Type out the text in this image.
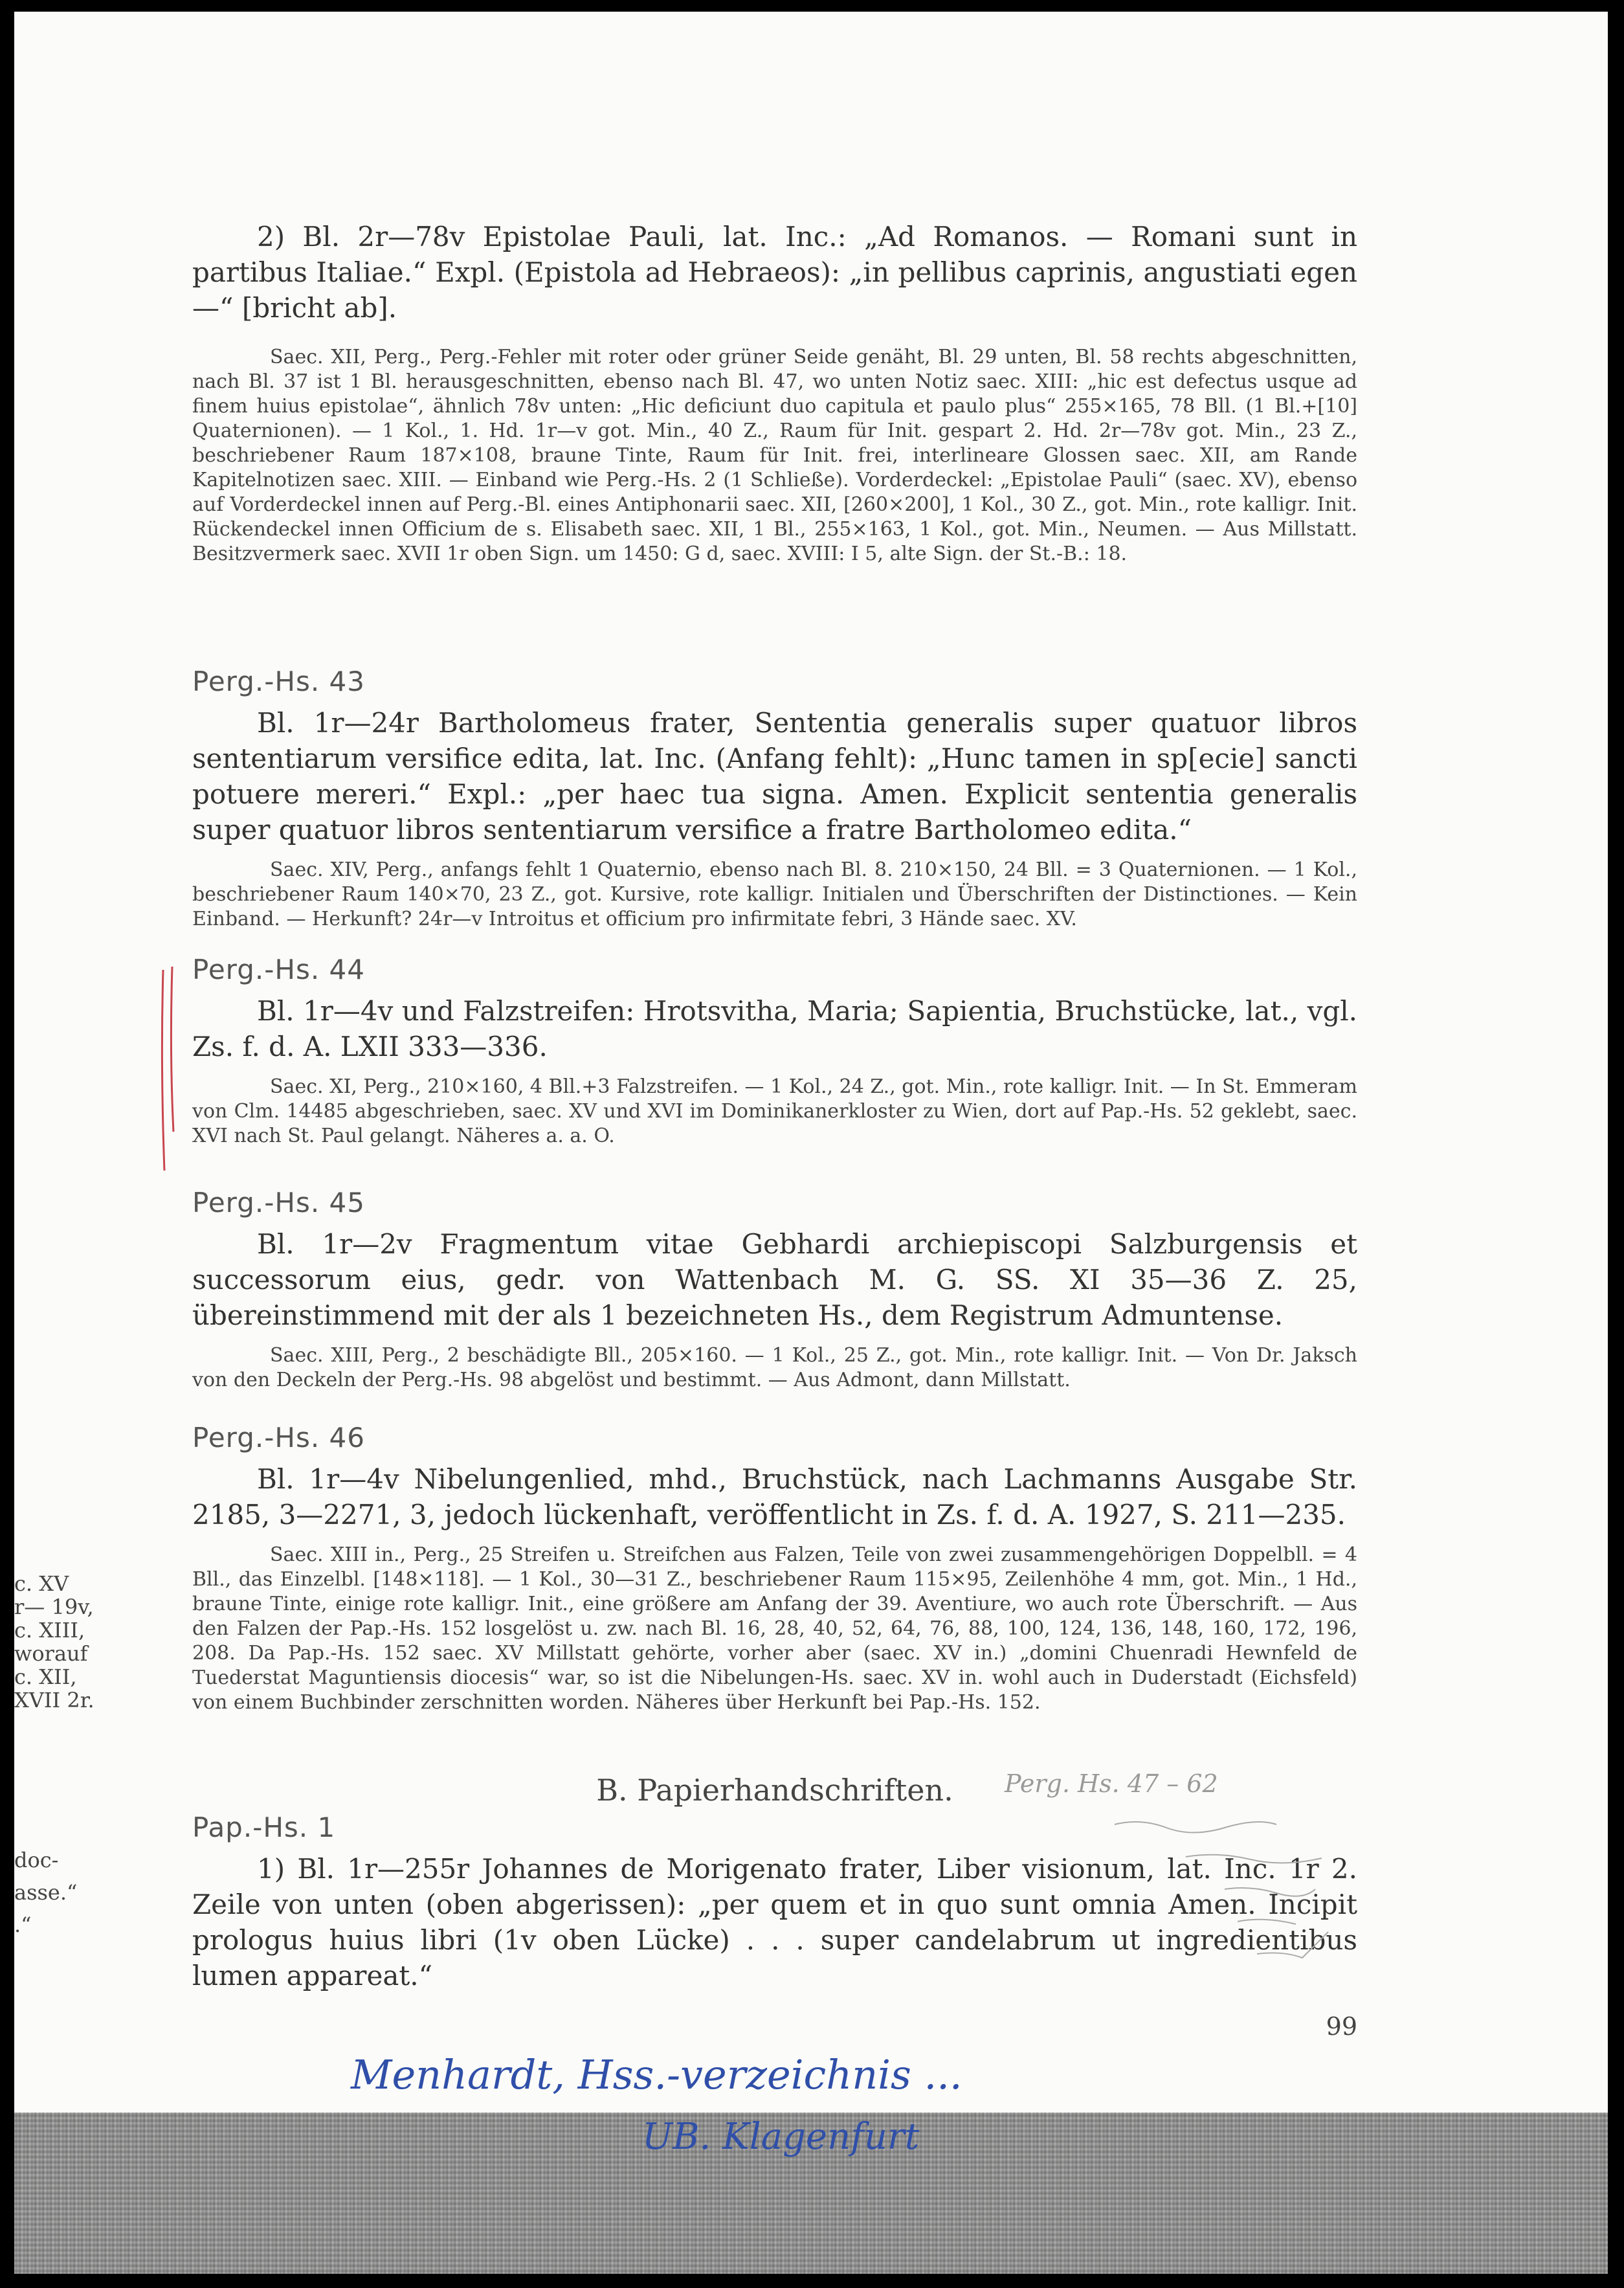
2) Bl. 2r—78v Epistolae Pauli, lat. Inc.: „Ad Romanos. — Romani sunt in partibus Italiae.“ Expl. (Epistola ad Hebraeos): „in pellibus caprinis, angustiati egen —“ [bricht ab].

Saec. XII, Perg., Perg.-Fehler mit roter oder grüner Seide genäht, Bl. 29 unten, Bl. 58 rechts abgeschnitten, nach Bl. 37 ist 1 Bl. herausgeschnitten, ebenso nach Bl. 47, wo unten Notiz saec. XIII: „hic est defectus usque ad finem huius epistolae“, ähnlich 78v unten: „Hic deficiunt duo capitula et paulo plus“ 255×165, 78 Bll. (1 Bl.+[10] Quaternionen). — 1 Kol., 1. Hd. 1r—v got. Min., 40 Z., Raum für Init. gespart 2. Hd. 2r—78v got. Min., 23 Z., beschriebener Raum 187×108, braune Tinte, Raum für Init. frei, interlineare Glossen saec. XII, am Rande Kapitelnotizen saec. XIII. — Einband wie Perg.-Hs. 2 (1 Schließe). Vorderdeckel: „Epistolae Pauli“ (saec. XV), ebenso auf Vorderdeckel innen auf Perg.-Bl. eines Antiphonarii saec. XII, [260×200], 1 Kol., 30 Z., got. Min., rote kalligr. Init. Rückendeckel innen Officium de s. Elisabeth saec. XII, 1 Bl., 255×163, 1 Kol., got. Min., Neumen. — Aus Millstatt. Besitzvermerk saec. XVII 1r oben Sign. um 1450: G d, saec. XVIII: I 5, alte Sign. der St.-B.: 18.

Perg.-Hs. 43

Bl. 1r—24r Bartholomeus frater, Sententia generalis super quatuor libros sententiarum versifice edita, lat. Inc. (Anfang fehlt): „Hunc tamen in sp[ecie] sancti potuere mereri.“ Expl.: „per haec tua signa. Amen. Explicit sententia generalis super quatuor libros sententiarum versifice a fratre Bartholomeo edita.“

Saec. XIV, Perg., anfangs fehlt 1 Quaternio, ebenso nach Bl. 8. 210×150, 24 Bll. = 3 Quaternionen. — 1 Kol., beschriebener Raum 140×70, 23 Z., got. Kursive, rote kalligr. Initialen und Überschriften der Distinctiones. — Kein Einband. — Herkunft? 24r—v Introitus et officium pro infirmitate febri, 3 Hände saec. XV.

Perg.-Hs. 44

Bl. 1r—4v und Falzstreifen: Hrotsvitha, Maria; Sapientia, Bruchstücke, lat., vgl. Zs. f. d. A. LXII 333—336.

Saec. XI, Perg., 210×160, 4 Bll.+3 Falzstreifen. — 1 Kol., 24 Z., got. Min., rote kalligr. Init. — In St. Emmeram von Clm. 14485 abgeschrieben, saec. XV und XVI im Dominikanerkloster zu Wien, dort auf Pap.-Hs. 52 geklebt, saec. XVI nach St. Paul gelangt. Näheres a. a. O.

Perg.-Hs. 45

Bl. 1r—2v Fragmentum vitae Gebhardi archiepiscopi Salzburgensis et successorum eius, gedr. von Wattenbach M. G. SS. XI 35—36 Z. 25, übereinstimmend mit der als 1 bezeichneten Hs., dem Registrum Admuntense.

Saec. XIII, Perg., 2 beschädigte Bll., 205×160. — 1 Kol., 25 Z., got. Min., rote kalligr. Init. — Von Dr. Jaksch von den Deckeln der Perg.-Hs. 98 abgelöst und bestimmt. — Aus Admont, dann Millstatt.

Perg.-Hs. 46

Bl. 1r—4v Nibelungenlied, mhd., Bruchstück, nach Lachmanns Ausgabe Str. 2185, 3—2271, 3, jedoch lückenhaft, veröffentlicht in Zs. f. d. A. 1927, S. 211—235.

Saec. XIII in., Perg., 25 Streifen u. Streifchen aus Falzen, Teile von zwei zusammengehörigen Doppelbll. = 4 Bll., das Einzelbl. [148×118]. — 1 Kol., 30—31 Z., beschriebener Raum 115×95, Zeilenhöhe 4 mm, got. Min., 1 Hd., braune Tinte, einige rote kalligr. Init., eine größere am Anfang der 39. Aventiure, wo auch rote Überschrift. — Aus den Falzen der Pap.-Hs. 152 losgelöst u. zw. nach Bl. 16, 28, 40, 52, 64, 76, 88, 100, 124, 136, 148, 160, 172, 196, 208. Da Pap.-Hs. 152 saec. XV Millstatt gehörte, vorher aber (saec. XV in.) „domini Chuenradi Hewnfeld de Tuederstat Maguntiensis diocesis“ war, so ist die Nibelungen-Hs. saec. XV in. wohl auch in Duderstadt (Eichsfeld) von einem Buchbinder zerschnitten worden. Näheres über Herkunft bei Pap.-Hs. 152.

B. Papierhandschriften.

Pap.-Hs. 1

1) Bl. 1r—255r Johannes de Morigenato frater, Liber visionum, lat. Inc. 1r 2. Zeile von unten (oben abgerissen): „per quem et in quo sunt omnia Amen. Incipit prologus huius libri (1v oben Lücke) . . . super candelabrum ut ingredientibus lumen appareat.“

99
c. XV
r— 19v,
c. XIII,
worauf
c. XII,
XVII 2r.
doc-
asse.“
.“
Perg. Hs. 47 – 62
Menhardt, Hss.-verzeichnis ...
UB. Klagenfurt
